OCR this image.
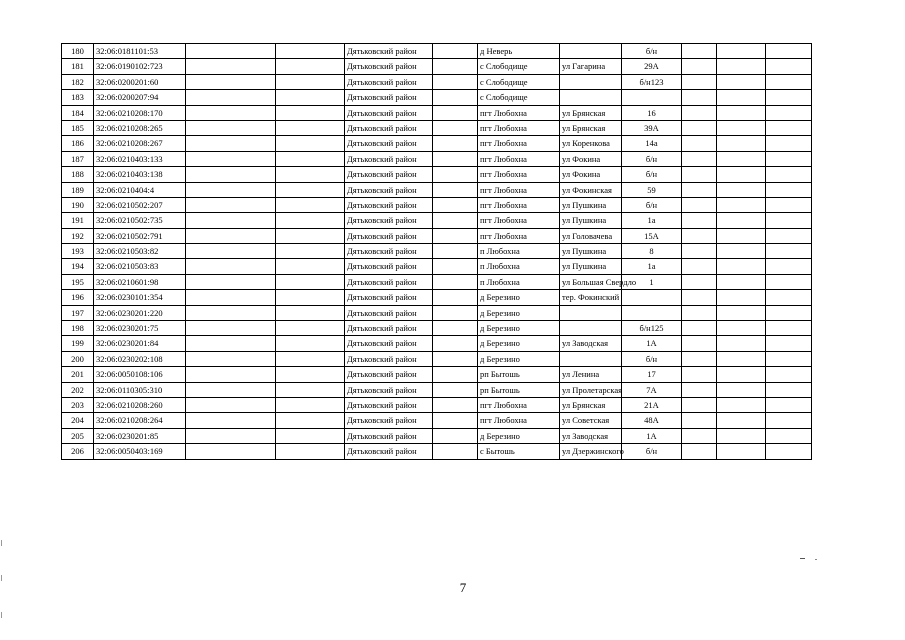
180	32:06:0181101:53			Дятьковский район		д Неверь		б/н			
181	32:06:0190102:723			Дятьковский район		с Слободище	ул Гагарина	29А			
182	32:06:0200201:60			Дятьковский район		с Слободище		б/н123			
183	32:06:0200207:94			Дятьковский район		с Слободище					
184	32:06:0210208:170			Дятьковский район		пгт Любохна	ул Брянская	16			
185	32:06:0210208:265			Дятьковский район		пгт Любохна	ул Брянская	39А			
186	32:06:0210208:267			Дятьковский район		пгт Любохна	ул Коренкова	14а			
187	32:06:0210403:133			Дятьковский район		пгт Любохна	ул Фокина	б/н			
188	32:06:0210403:138			Дятьковский район		пгт Любохна	ул Фокина	б/н			
189	32:06:0210404:4			Дятьковский район		пгт Любохна	ул Фокинская	59			
190	32:06:0210502:207			Дятьковский район		пгт Любохна	ул Пушкина	б/н			
191	32:06:0210502:735			Дятьковский район		пгт Любохна	ул Пушкина	1а			
192	32:06:0210502:791			Дятьковский район		пгт Любохна	ул Головачева	15А			
193	32:06:0210503:82			Дятьковский район		п Любохна	ул Пушкина	8			
194	32:06:0210503:83			Дятьковский район		п Любохна	ул Пушкина	1а			
195	32:06:0210601:98			Дятьковский район		п Любохна	ул Большая Свердло	1			
196	32:06:0230101:354			Дятьковский район		д Березино	тер. Фокинский				
197	32:06:0230201:220			Дятьковский район		д Березино					
198	32:06:0230201:75			Дятьковский район		д Березино		б/н125			
199	32:06:0230201:84			Дятьковский район		д Березино	ул Заводская	1А			
200	32:06:0230202:108			Дятьковский район		д Березино		б/н			
201	32:06:0050108:106			Дятьковский район		рп Бытошь	ул Ленина	17			
202	32:06:0110305:310			Дятьковский район		рп Бытошь	ул Пролетарская	7А			
203	32:06:0210208:260			Дятьковский район		пгт Любохна	ул Брянская	21А			
204	32:06:0210208:264			Дятьковский район		пгт Любохна	ул Советская	48А			
205	32:06:0230201:85			Дятьковский район		д Березино	ул Заводская	1А			
206	32:06:0050403:169			Дятьковский район		с Бытошь	ул Дзержинского	б/н			
7
